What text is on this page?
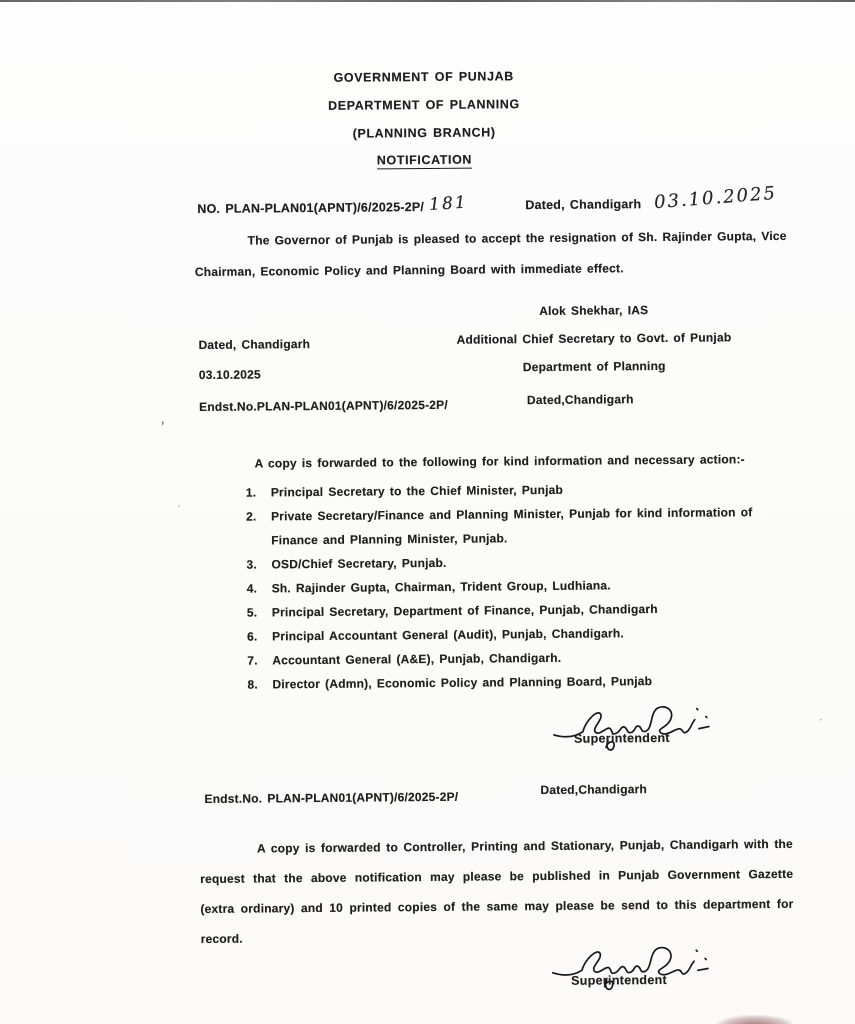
GOVERNMENT OF PUNJAB
DEPARTMENT OF PLANNING
(PLANNING BRANCH)
NOTIFICATION
NO. PLAN-PLAN01(APNT)/6/2025-2P/ 181	Dated, Chandigarh 03.10.2025
The Governor of Punjab is pleased to accept the resignation of Sh. Rajinder Gupta, Vice Chairman, Economic Policy and Planning Board with immediate effect.
Dated, Chandigarh
03.10.2025
Alok Shekhar, IAS
Additional Chief Secretary to Govt. of Punjab
Department of Planning
Endst.No.PLAN-PLAN01(APNT)/6/2025-2P/	Dated,Chandigarh
’
A copy is forwarded to the following for kind information and necessary action:-
1.	Principal Secretary to the Chief Minister, Punjab
2.	Private Secretary/Finance and Planning Minister, Punjab for kind information of Finance and Planning Minister, Punjab.
3.	OSD/Chief Secretary, Punjab.
4.	Sh. Rajinder Gupta, Chairman, Trident Group, Ludhiana.
5.	Principal Secretary, Department of Finance, Punjab, Chandigarh
6.	Principal Accountant General (Audit), Punjab, Chandigarh.
7.	Accountant General (A&E), Punjab, Chandigarh.
8.	Director (Admn), Economic Policy and Planning Board, Punjab
Superintendent
Endst.No. PLAN-PLAN01(APNT)/6/2025-2P/
Dated,Chandigarh
A copy is forwarded to Controller, Printing and Stationary, Punjab, Chandigarh with the request that the above notification may please be published in Punjab Government Gazette (extra ordinary) and 10 printed copies of the same may please be send to this department for record.
Superintendent
